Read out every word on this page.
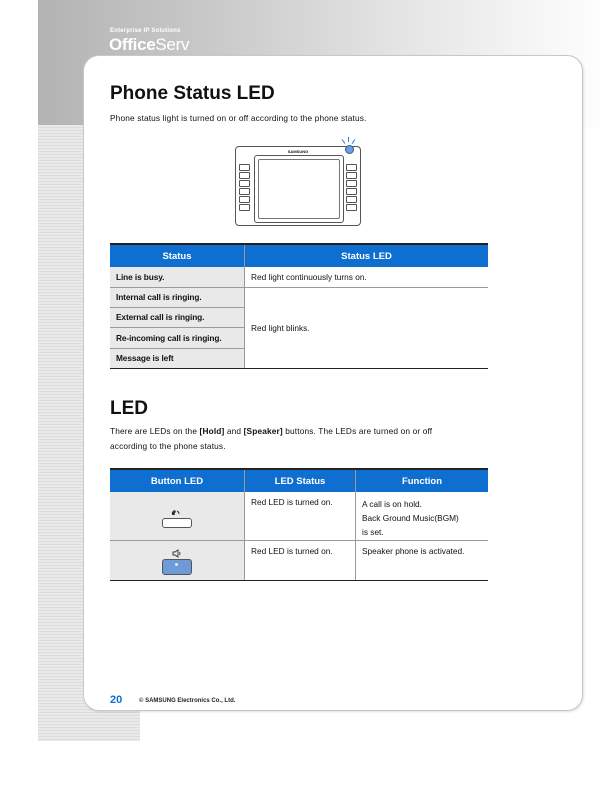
Enterprise IP Solutions
OfficeServ
Phone Status LED
Phone status light is turned on or off according to the phone status.
SAMSUNG
Status	Status LED
Line is busy.	Red light continuously turns on.
Internal call is ringing.	Red light blinks.
External call is ringing.	
Re-incoming call is ringing.	
Message is left	
LED
There are LEDs on the [Hold] and [Speaker] buttons. The LEDs are turned on or off
according to the phone status.
Button LED	LED Status	Function

	Red LED is turned on.	A call is on hold.
Back Ground Music(BGM)
is set.

	Red LED is turned on.	Speaker phone is activated.
20	© SAMSUNG Electronics Co., Ltd.
